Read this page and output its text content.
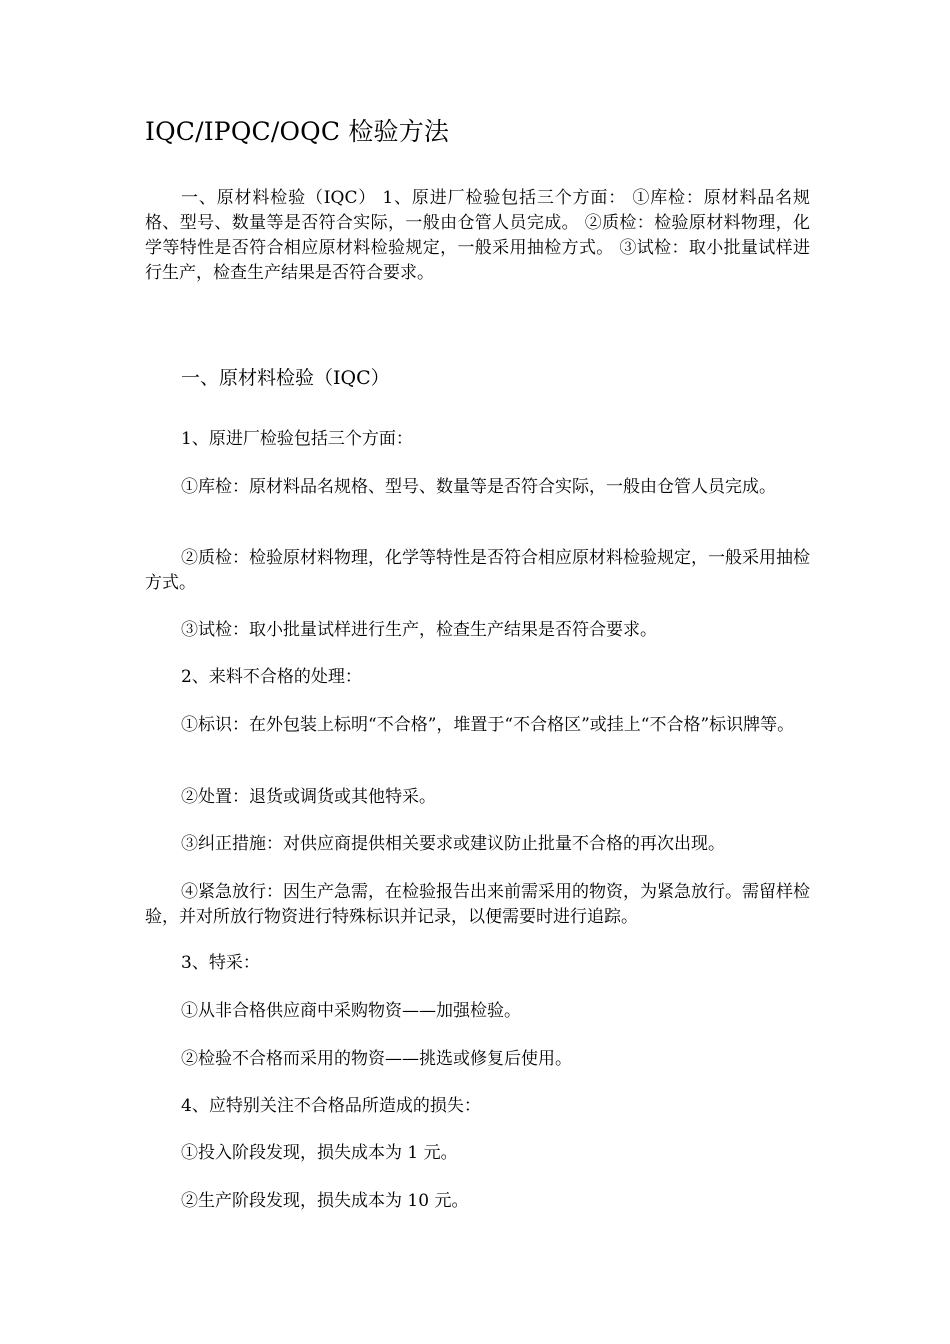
IQC/IPQC/OQC 检验方法

一、原材料检验（IQC） 1、原进厂检验包括三个方面： ①库检：原材料品名规格、型号、数量等是否符合实际，一般由仓管人员完成。 ②质检：检验原材料物理，化学等特性是否符合相应原材料检验规定，一般采用抽检方式。 ③试检：取小批量试样进行生产，检查生产结果是否符合要求。

一、原材料检验（IQC）

1、原进厂检验包括三个方面：

①库检：原材料品名规格、型号、数量等是否符合实际，一般由仓管人员完成。

②质检：检验原材料物理，化学等特性是否符合相应原材料检验规定，一般采用抽检方式。

③试检：取小批量试样进行生产，检查生产结果是否符合要求。

2、来料不合格的处理：

①标识：在外包装上标明“不合格”，堆置于“不合格区”或挂上“不合格”标识牌等。

②处置：退货或调货或其他特采。

③纠正措施：对供应商提供相关要求或建议防止批量不合格的再次出现。

④紧急放行：因生产急需，在检验报告出来前需采用的物资，为紧急放行。需留样检验，并对所放行物资进行特殊标识并记录，以便需要时进行追踪。

3、特采：

①从非合格供应商中采购物资——加强检验。

②检验不合格而采用的物资——挑选或修复后使用。

4、应特别关注不合格品所造成的损失：

①投入阶段发现，损失成本为 1 元。

②生产阶段发现，损失成本为 10 元。
